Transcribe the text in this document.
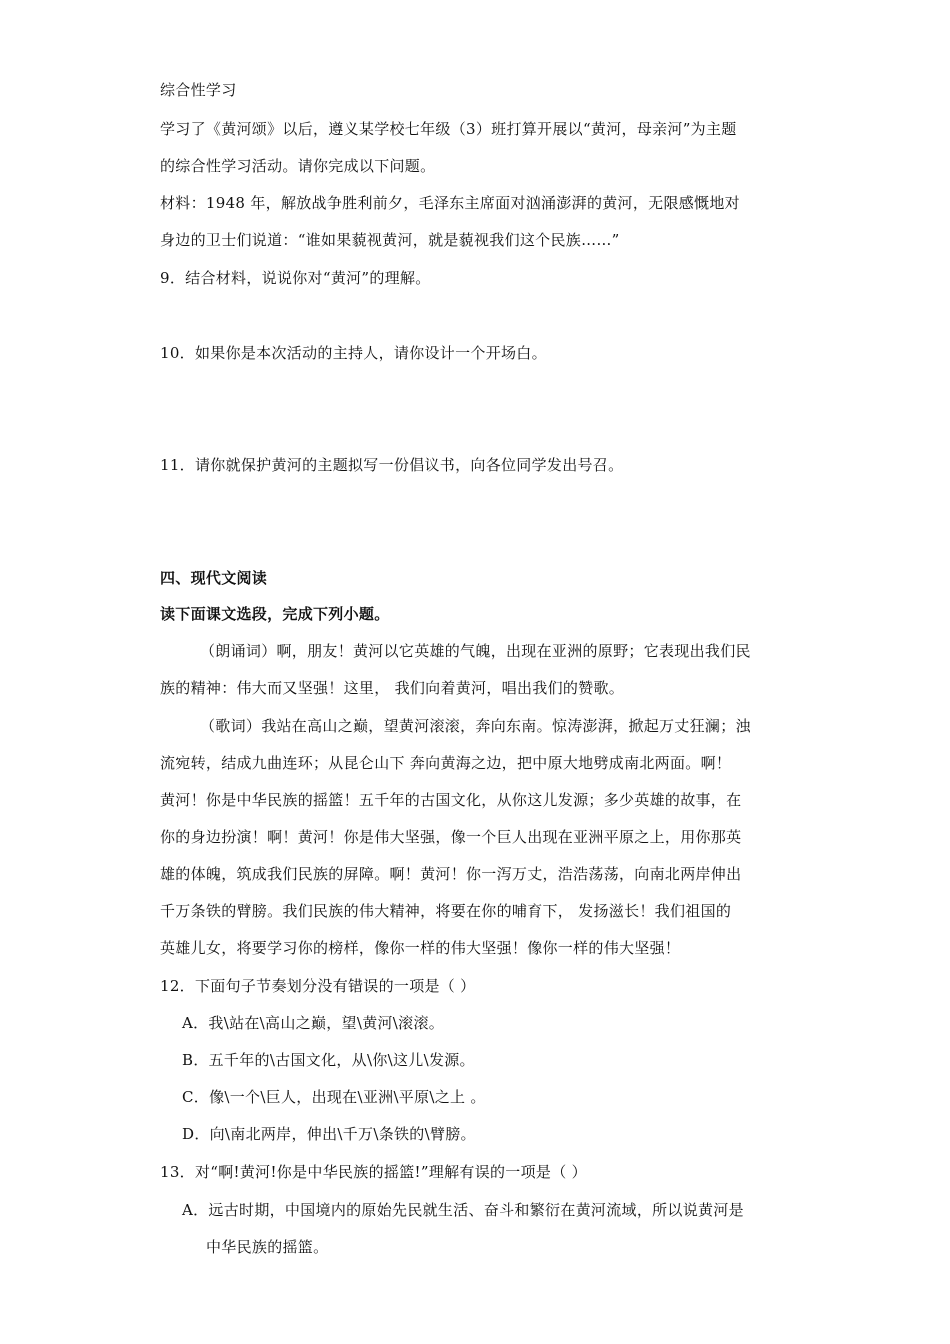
综合性学习
学习了《黄河颂》以后，遵义某学校七年级（3）班打算开展以“黄河，母亲河”为主题
的综合性学习活动。请你完成以下问题。
材料：1948 年，解放战争胜利前夕，毛泽东主席面对汹涌澎湃的黄河，无限感慨地对
身边的卫士们说道：“谁如果藐视黄河，就是藐视我们这个民族……”
9．结合材料，说说你对“黄河”的理解。
10．如果你是本次活动的主持人，请你设计一个开场白。
11．请你就保护黄河的主题拟写一份倡议书，向各位同学发出号召。
四、现代文阅读
读下面课文选段，完成下列小题。
（朗诵词）啊，朋友！黄河以它英雄的气魄，出现在亚洲的原野；它表现出我们民
族的精神：伟大而又坚强！这里， 我们向着黄河，唱出我们的赞歌。
（歌词）我站在高山之巅，望黄河滚滚，奔向东南。惊涛澎湃，掀起万丈狂澜；浊
流宛转，结成九曲连环；从昆仑山下 奔向黄海之边，把中原大地劈成南北两面。啊！
黄河！你是中华民族的摇篮！五千年的古国文化，从你这儿发源；多少英雄的故事，在
你的身边扮演！啊！黄河！你是伟大坚强，像一个巨人出现在亚洲平原之上，用你那英
雄的体魄，筑成我们民族的屏障。啊！黄河！你一泻万丈，浩浩荡荡，向南北两岸伸出
千万条铁的臂膀。我们民族的伟大精神，将要在你的哺育下， 发扬滋长！我们祖国的
英雄儿女，将要学习你的榜样，像你一样的伟大坚强！像你一样的伟大坚强！
12．下面句子节奏划分没有错误的一项是（ ）
A．我\站在\高山之巅，望\黄河\滚滚。
B．五千年的\古国文化，从\你\这儿\发源。
C．像\一个\巨人，出现在\亚洲\平原\之上 。
D．向\南北两岸，伸出\千万\条铁的\臂膀。
13．对“啊!黄河!你是中华民族的摇篮!”理解有误的一项是（ ）
A．远古时期，中国境内的原始先民就生活、奋斗和繁衍在黄河流域，所以说黄河是
中华民族的摇篮。
